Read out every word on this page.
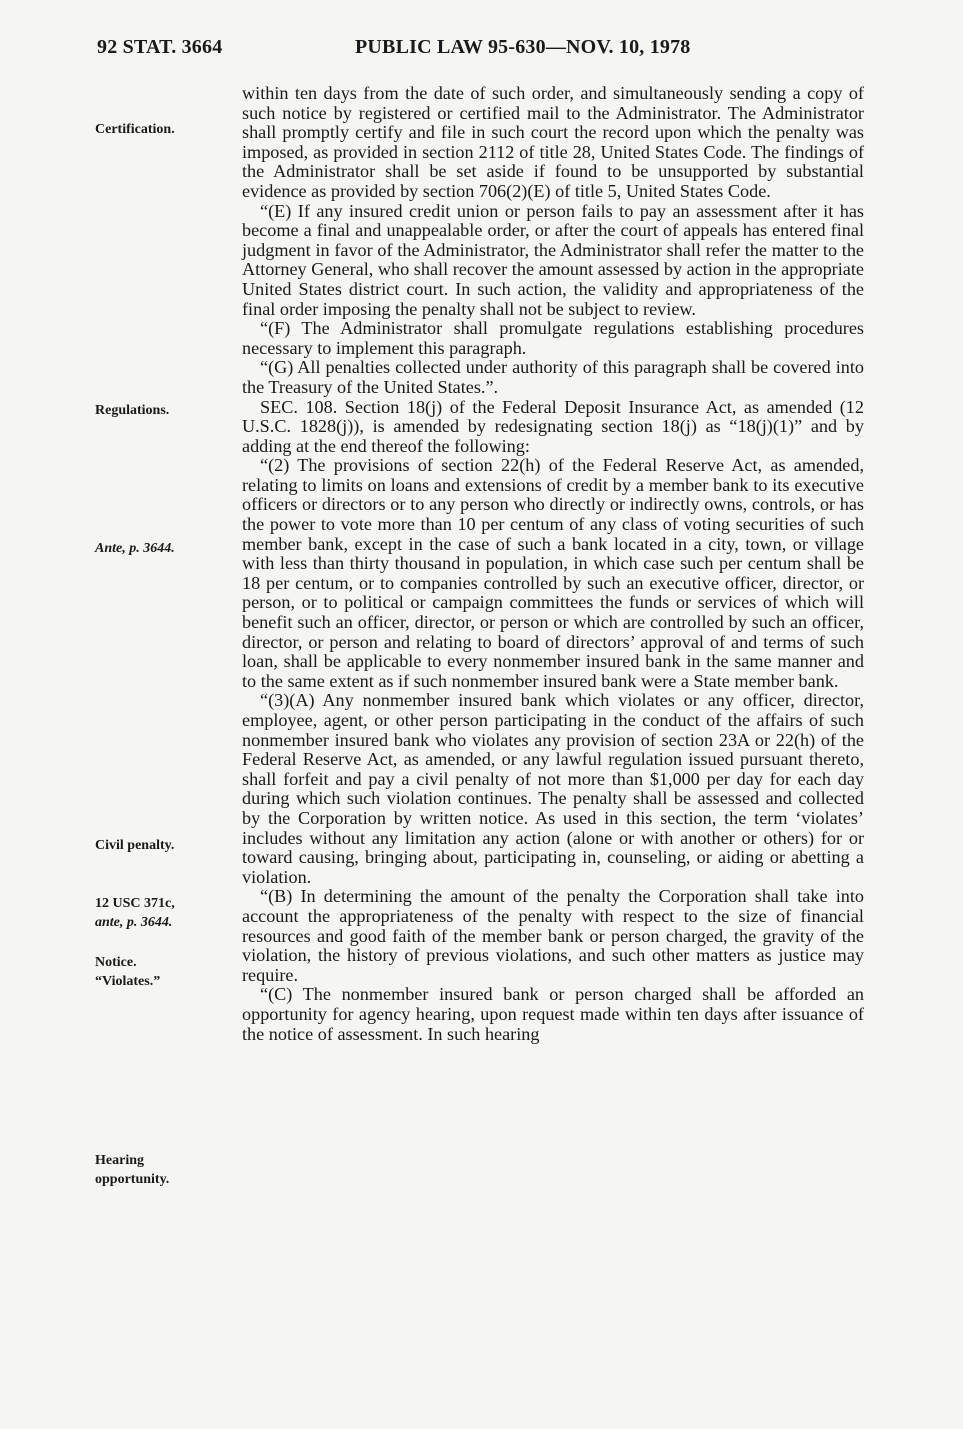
92 STAT. 3664	PUBLIC LAW 95-630—NOV. 10, 1978
Certification.
Regulations.
Ante, p. 3644.
Civil penalty.
12 USC 371c,
ante, p. 3644.
Notice.
“Violates.”
Hearing
opportunity.

within ten days from the date of such order, and simultaneously sending a copy of such notice by registered or certified mail to the Administrator. The Administrator shall promptly certify and file in such court the record upon which the penalty was imposed, as provided in section 2112 of title 28, United States Code. The findings of the Administrator shall be set aside if found to be unsupported by substantial evidence as provided by section 706(2)(E) of title 5, United States Code.

“(E) If any insured credit union or person fails to pay an assessment after it has become a final and unappealable order, or after the court of appeals has entered final judgment in favor of the Administrator, the Administrator shall refer the matter to the Attorney General, who shall recover the amount assessed by action in the appropriate United States district court. In such action, the validity and appropriateness of the final order imposing the penalty shall not be subject to review.

“(F) The Administrator shall promulgate regulations establishing procedures necessary to implement this paragraph.

“(G) All penalties collected under authority of this paragraph shall be covered into the Treasury of the United States.”.

SEC. 108. Section 18(j) of the Federal Deposit Insurance Act, as amended (12 U.S.C. 1828(j)), is amended by redesignating section 18(j) as “18(j)(1)” and by adding at the end thereof the following:

“(2) The provisions of section 22(h) of the Federal Reserve Act, as amended, relating to limits on loans and extensions of credit by a member bank to its executive officers or directors or to any person who directly or indirectly owns, controls, or has the power to vote more than 10 per centum of any class of voting securities of such member bank, except in the case of such a bank located in a city, town, or village with less than thirty thousand in population, in which case such per centum shall be 18 per centum, or to companies controlled by such an executive officer, director, or person, or to political or campaign committees the funds or services of which will benefit such an officer, director, or person or which are controlled by such an officer, director, or person and relating to board of directors’ approval of and terms of such loan, shall be applicable to every nonmember insured bank in the same manner and to the same extent as if such nonmember insured bank were a State member bank.

“(3)(A) Any nonmember insured bank which violates or any officer, director, employee, agent, or other person participating in the conduct of the affairs of such nonmember insured bank who violates any provision of section 23A or 22(h) of the Federal Reserve Act, as amended, or any lawful regulation issued pursuant thereto, shall forfeit and pay a civil penalty of not more than $1,000 per day for each day during which such violation continues. The penalty shall be assessed and collected by the Corporation by written notice. As used in this section, the term ‘violates’ includes without any limitation any action (alone or with another or others) for or toward causing, bringing about, participating in, counseling, or aiding or abetting a violation.

“(B) In determining the amount of the penalty the Corporation shall take into account the appropriateness of the penalty with respect to the size of financial resources and good faith of the member bank or person charged, the gravity of the violation, the history of previous violations, and such other matters as justice may require.

“(C) The nonmember insured bank or person charged shall be afforded an opportunity for agency hearing, upon request made within ten days after issuance of the notice of assessment. In such hearing
